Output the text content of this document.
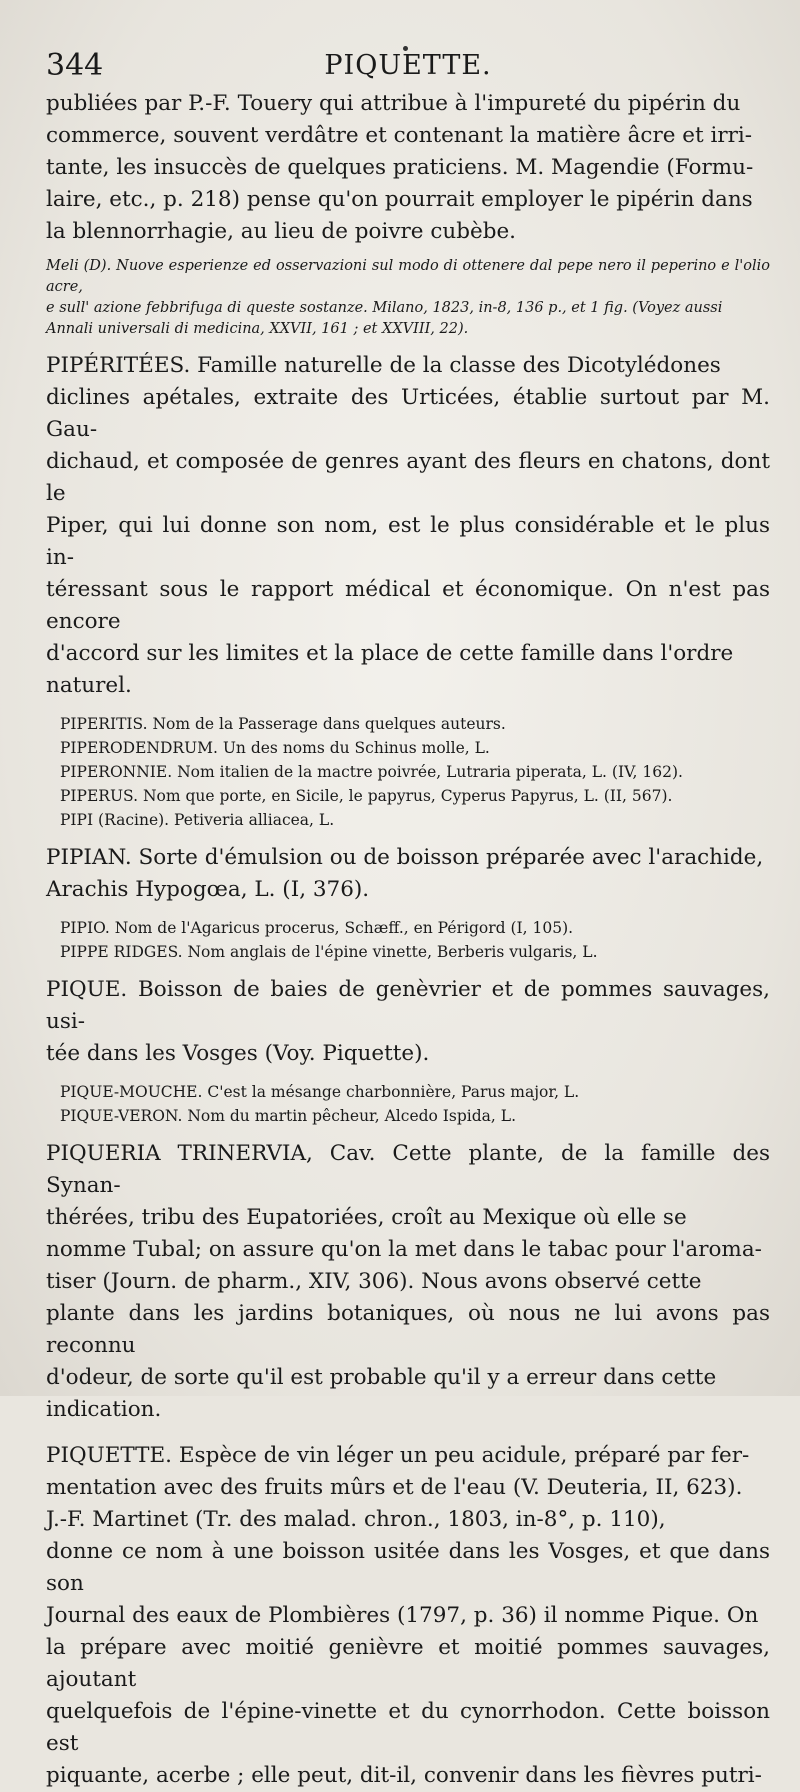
344	PIQUETTE.
publiées par P.-F. Touery qui attribue à l'impureté du pipérin du
commerce, souvent verdâtre et contenant la matière âcre et irri-
tante, les insuccès de quelques praticiens. M. Magendie (Formu-
laire, etc., p. 218) pense qu'on pourrait employer le pipérin dans
la blennorrhagie, au lieu de poivre cubèbe.
Meli (D). Nuove esperienze ed osservazioni sul modo di ottenere dal pepe nero il peperino e l'olio acre,
e sull' azione febbrifuga di queste sostanze. Milano, 1823, in-8, 136 p., et 1 fig. (Voyez aussi
Annali universali di medicina, XXVII, 161 ; et XXVIII, 22).
PIPÉRITÉES. Famille naturelle de la classe des Dicotylédones
diclines apétales, extraite des Urticées, établie surtout par M. Gau-
dichaud, et composée de genres ayant des fleurs en chatons, dont le
Piper, qui lui donne son nom, est le plus considérable et le plus in-
téressant sous le rapport médical et économique. On n'est pas encore
d'accord sur les limites et la place de cette famille dans l'ordre
naturel.
PIPERITIS. Nom de la Passerage dans quelques auteurs.
PIPERODENDRUM. Un des noms du Schinus molle, L.
PIPERONNIE. Nom italien de la mactre poivrée, Lutraria piperata, L. (IV, 162).
PIPERUS. Nom que porte, en Sicile, le papyrus, Cyperus Papyrus, L. (II, 567).
PIPI (Racine). Petiveria alliacea, L.
PIPIAN. Sorte d'émulsion ou de boisson préparée avec l'arachide,
Arachis Hypogœa, L. (I, 376).
PIPIO. Nom de l'Agaricus procerus, Schæff., en Périgord (I, 105).
PIPPE RIDGES. Nom anglais de l'épine vinette, Berberis vulgaris, L.
PIQUE. Boisson de baies de genèvrier et de pommes sauvages, usi-
tée dans les Vosges (Voy. Piquette).
PIQUE-MOUCHE. C'est la mésange charbonnière, Parus major, L.
PIQUE-VERON. Nom du martin pêcheur, Alcedo Ispida, L.
PIQUERIA TRINERVIA, Cav. Cette plante, de la famille des Synan-
thérées, tribu des Eupatoriées, croît au Mexique où elle se
nomme Tubal; on assure qu'on la met dans le tabac pour l'aroma-
tiser (Journ. de pharm., XIV, 306). Nous avons observé cette
plante dans les jardins botaniques, où nous ne lui avons pas reconnu
d'odeur, de sorte qu'il est probable qu'il y a erreur dans cette
indication.
PIQUETTE. Espèce de vin léger un peu acidule, préparé par fer-
mentation avec des fruits mûrs et de l'eau (V. Deuteria, II, 623).
J.-F. Martinet (Tr. des malad. chron., 1803, in-8°, p. 110),
donne ce nom à une boisson usitée dans les Vosges, et que dans son
Journal des eaux de Plombières (1797, p. 36) il nomme Pique. On
la prépare avec moitié genièvre et moitié pommes sauvages, ajoutant
quelquefois de l'épine-vinette et du cynorrhodon. Cette boisson est
piquante, acerbe ; elle peut, dit-il, convenir dans les fièvres putri-
